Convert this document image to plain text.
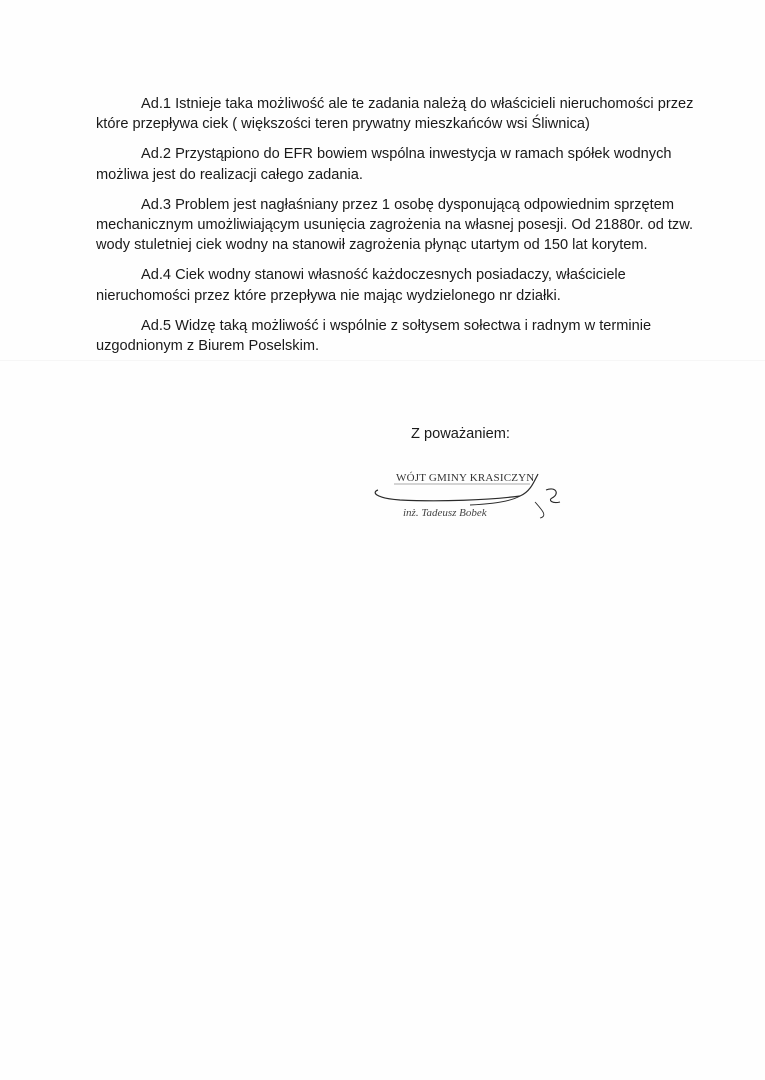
Ad.1 Istnieje taka możliwość ale te zadania należą do właścicieli nieruchomości przez które przepływa ciek ( większości teren prywatny mieszkańców wsi Śliwnica)

Ad.2 Przystąpiono do EFR bowiem wspólna inwestycja w ramach spółek wodnych możliwa jest do realizacji całego zadania.

Ad.3 Problem jest nagłaśniany przez 1 osobę dysponującą odpowiednim sprzętem mechanicznym umożliwiającym usunięcia zagrożenia na własnej posesji. Od 21880r. od tzw. wody stuletniej ciek wodny na stanowił zagrożenia płynąc utartym od 150 lat korytem.

Ad.4 Ciek wodny stanowi własność każdoczesnych posiadaczy, właściciele nieruchomości przez które przepływa nie mając wydzielonego nr działki.

Ad.5 Widzę taką możliwość i wspólnie z sołtysem sołectwa i radnym w terminie uzgodnionym z Biurem Poselskim.

Z poważaniem:
WÓJT GMINY KRASICZYN
inż. Tadeusz Bobek
